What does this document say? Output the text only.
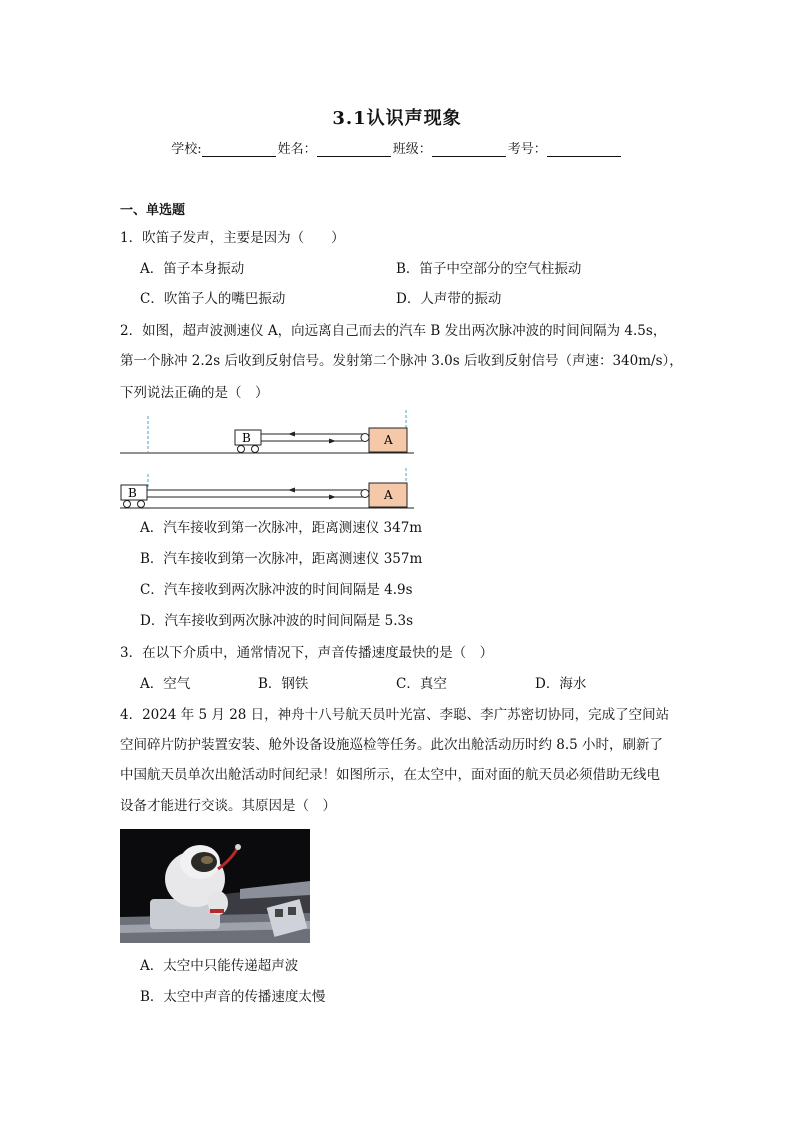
3.1认识声现象
学校:	姓名：	班级：	考号：
一、单选题
1．吹笛子发声，主要是因为（　　）
A．笛子本身振动	B．笛子中空部分的空气柱振动
C．吹笛子人的嘴巴振动	D．人声带的振动
2．如图，超声波测速仪 A，向远离自己而去的汽车 B 发出两次脉冲波的时间间隔为 4.5s，
第一个脉冲 2.2s 后收到反射信号。发射第二个脉冲 3.0s 后收到反射信号（声速：340m/s），
下列说法正确的是（　）
B	A
B	A
A．汽车接收到第一次脉冲，距离测速仪 347m
B．汽车接收到第一次脉冲，距离测速仪 357m
C．汽车接收到两次脉冲波的时间间隔是 4.9s
D．汽车接收到两次脉冲波的时间间隔是 5.3s
3．在以下介质中，通常情况下，声音传播速度最快的是（　）
A．空气	B．钢铁	C．真空	D．海水
4．2024 年 5 月 28 日，神舟十八号航天员叶光富、李聪、李广苏密切协同，完成了空间站
空间碎片防护装置安装、舱外设备设施巡检等任务。此次出舱活动历时约 8.5 小时，刷新了
中国航天员单次出舱活动时间纪录！如图所示，在太空中，面对面的航天员必须借助无线电
设备才能进行交谈。其原因是（　）
A．太空中只能传递超声波
B．太空中声音的传播速度太慢
